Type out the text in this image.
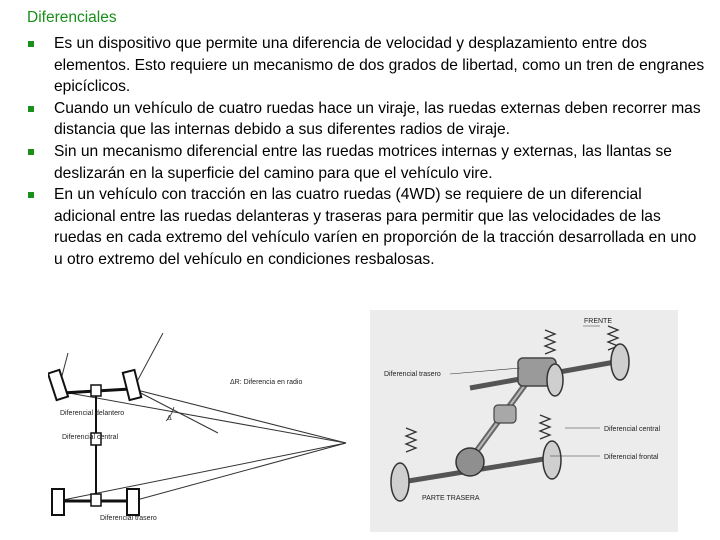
Diferenciales
Es un dispositivo que permite una diferencia de velocidad y desplazamiento entre dos elementos. Esto requiere un mecanismo de dos grados de libertad, como un tren de engranes epicíclicos.
Cuando un vehículo de cuatro ruedas hace un viraje, las ruedas externas deben recorrer mas distancia que las internas debido a sus diferentes radios de viraje.
Sin un mecanismo diferencial entre las ruedas motrices internas y externas, las llantas se deslizarán en la superficie del camino para que el vehículo vire.
En un vehículo con tracción en las cuatro ruedas (4WD) se requiere de un diferencial adicional entre las ruedas delanteras y traseras para permitir que las velocidades de las ruedas en cada extremo del vehículo varíen en proporción de la tracción desarrollada en uno u otro extremo del vehículo en condiciones resbalosas.
ΔR: Diferencia en radio
Δ
Diferencial delantero
Diferencial central
Diferencial trasero
FRENTE
Diferencial trasero
Diferencial central
Diferencial frontal
PARTE TRASERA
